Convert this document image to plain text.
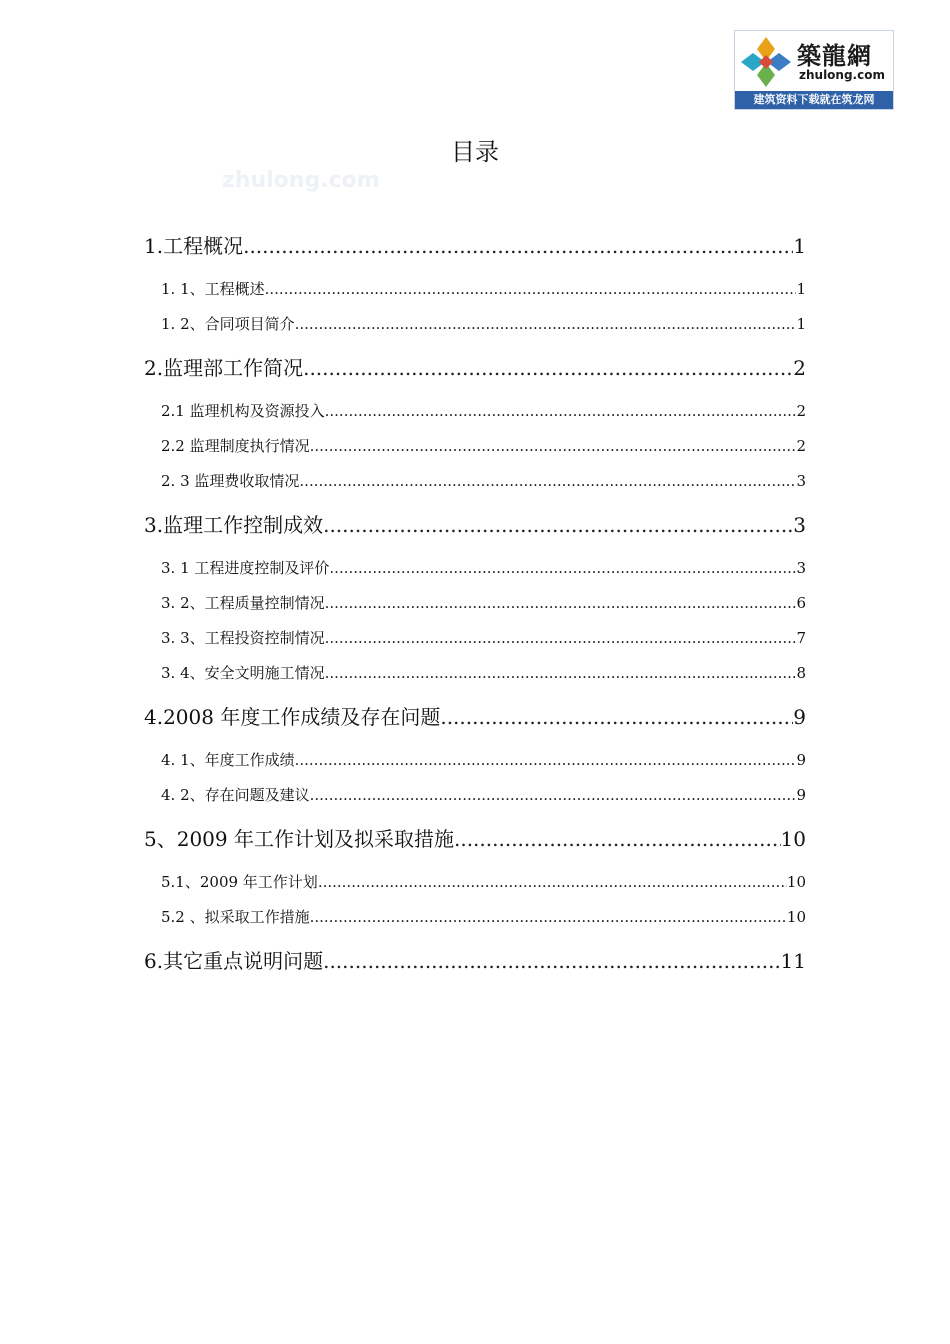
築龍網
zhulong.com
建筑资料下载就在筑龙网
zhulong.com
目录
1.工程概况 .....	1
1. 1、工程概述 .....	1
1. 2、合同项目简介 .....	1
2.监理部工作简况 .....	2
2.1 监理机构及资源投入 .....	2
2.2 监理制度执行情况 .....	2
2. 3 监理费收取情况 .....	3
3.监理工作控制成效 .....	3
3. 1 工程进度控制及评价 .....	3
3. 2、工程质量控制情况 .....	6
3. 3、工程投资控制情况 .....	7
3. 4、安全文明施工情况 .....	8
4.2008 年度工作成绩及存在问题 .....	9
4. 1、年度工作成绩 .....	9
4. 2、存在问题及建议 .....	9
5、2009 年工作计划及拟采取措施 .....	10
5.1、2009 年工作计划 .....	10
5.2 、拟采取工作措施 .....	10
6.其它重点说明问题 .....	11
